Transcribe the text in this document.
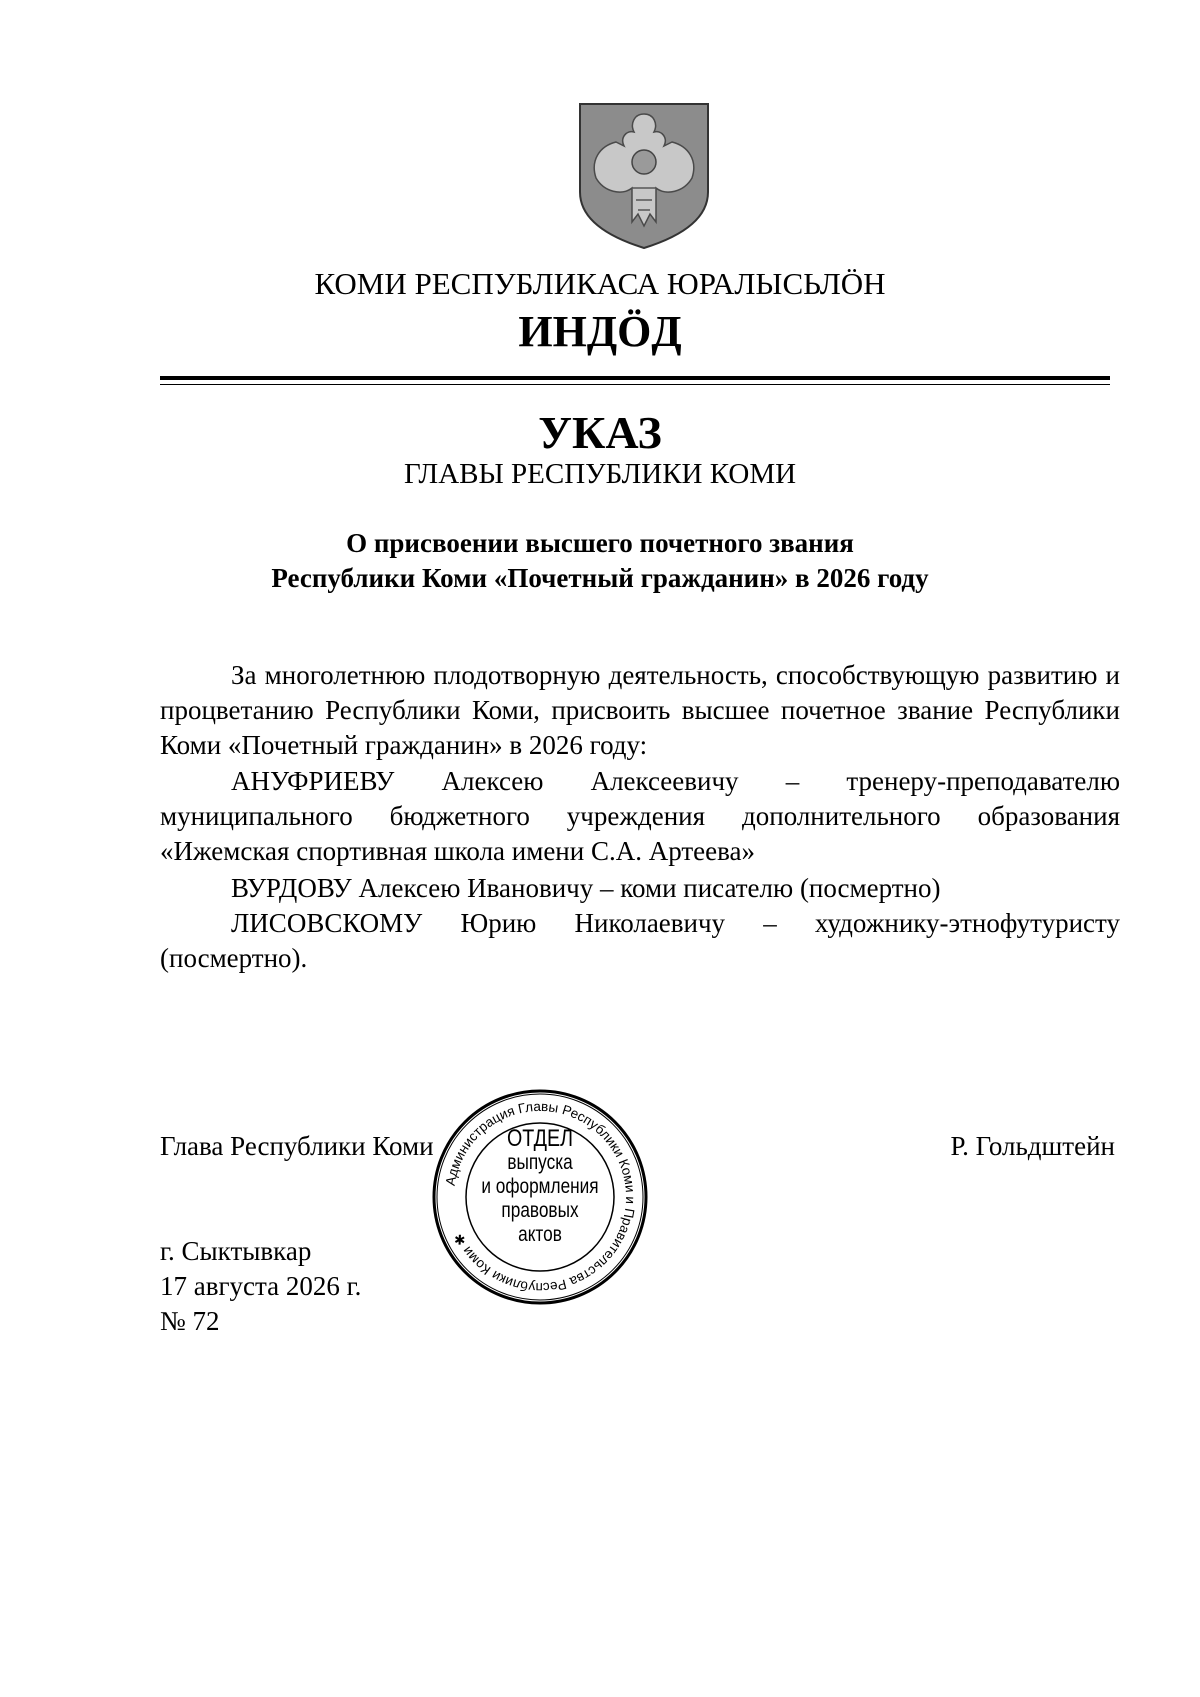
КОМИ РЕСПУБЛИКАСА ЮРАЛЫСЬЛӦН
ИНДӦД
УКАЗ
ГЛАВЫ РЕСПУБЛИКИ КОМИ
О присвоении высшего почетного звания
Республики Коми «Почетный гражданин» в 2026 году
За многолетнюю плодотворную деятельность, способствующую развитию и процветанию Республики Коми, присвоить высшее почетное звание Республики Коми «Почетный гражданин» в 2026 году:
АНУФРИЕВУ Алексею Алексеевичу – тренеру-преподавателю муниципального бюджетного учреждения дополнительного образования «Ижемская спортивная школа имени С.А. Артеева»
ВУРДОВУ Алексею Ивановичу – коми писателю (посмертно)
ЛИСОВСКОМУ Юрию Николаевичу – художнику-этнофутуристу (посмертно).
Глава Республики Коми	Р. Гольдштейн
г. Сыктывкар
17 августа 2026 г.
№ 72
Администрация Главы Республики Коми и Правительства Республики Коми ✱
ОТДЕЛ
выпуска
и оформления
правовых
актов
